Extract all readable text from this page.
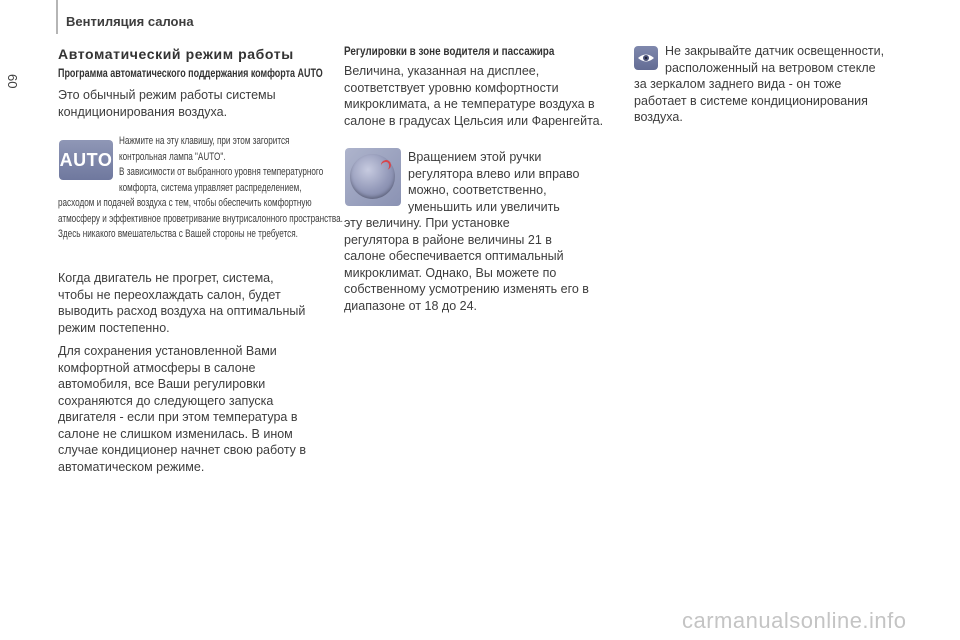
Вентиляция салона
60
Автоматический режим работы
Программа автоматического поддержания комфорта AUTO
Это обычный режим работы системы
кондиционирования воздуха.
AUTO
Нажмите на эту клавишу, при этом загорится
контрольная лампа "AUTO".
В зависимости от выбранного уровня температурного
комфорта, система управляет распределением,
расходом и подачей воздуха с тем, чтобы обеспечить комфортную
атмосферу и эффективное проветривание внутрисалонного пространства.
Здесь никакого вмешательства с Вашей стороны не требуется.
Когда двигатель не прогрет, система,
чтобы не переохлаждать салон, будет
выводить расход воздуха на оптимальный
режим постепенно.
Для сохранения установленной Вами
комфортной атмосферы в салоне
автомобиля, все Ваши регулировки
сохраняются до следующего запуска
двигателя - если при этом температура в
салоне не слишком изменилась. В ином
случае кондиционер начнет свою работу в
автоматическом режиме.
Регулировки в зоне водителя и пассажира
Величина, указанная на дисплее,
соответствует уровню комфортности
микроклимата, а не температуре воздуха в
салоне в градусах Цельсия или Фаренгейта.
Вращением этой ручки
регулятора влево или вправо
можно, соответственно,
уменьшить или увеличить
эту величину. При установке
регулятора в районе величины 21 в
салоне обеспечивается оптимальный
микроклимат. Однако, Вы можете по
собственному усмотрению изменять его в
диапазоне от 18 до 24.
Не закрывайте датчик освещенности,
расположенный на ветровом стекле
за зеркалом заднего вида - он тоже
работает в системе кондиционирования
воздуха.
carmanualsonline.info
